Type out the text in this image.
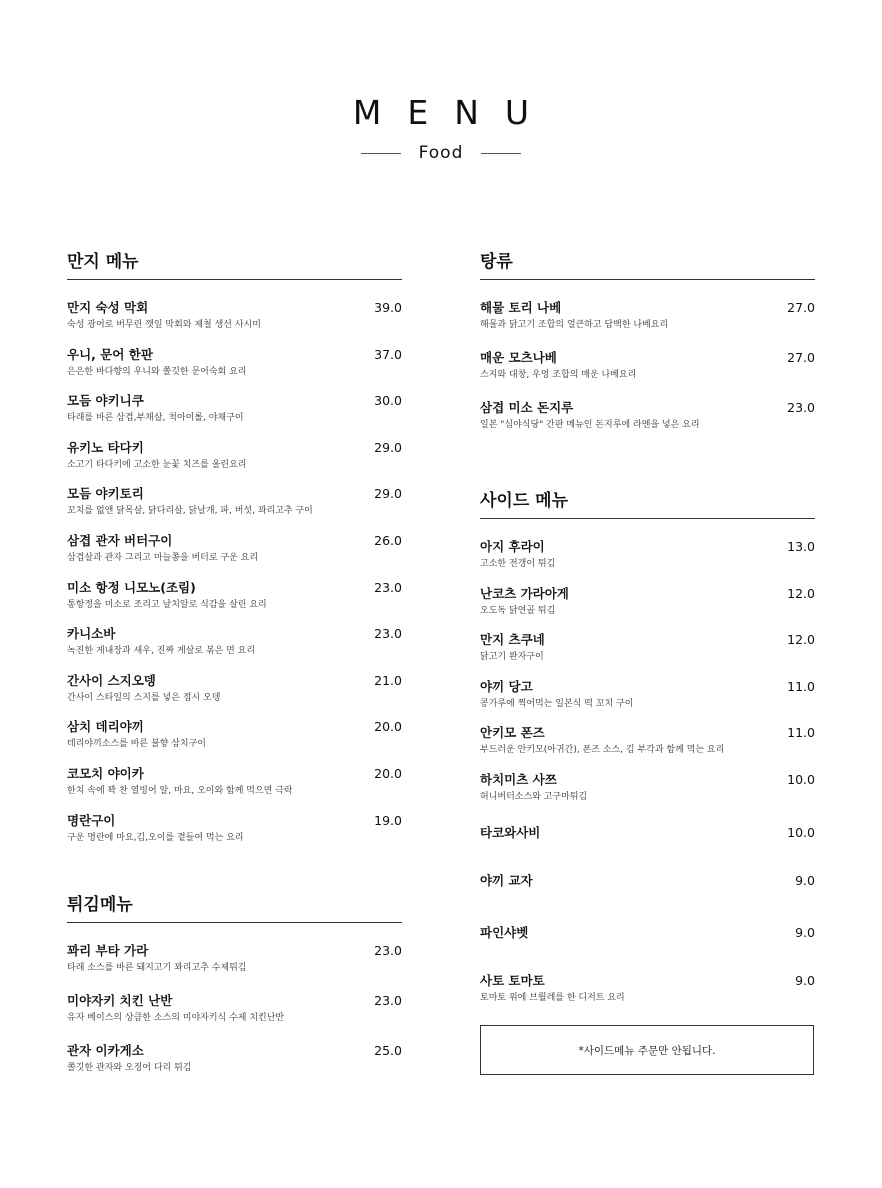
MENU
Food
만지 메뉴
만지 숙성 막회
숙성 광어로 버무린 깻잎 막회와 제철 생선 사시미
39.0
우니, 문어 한판
은은한 바다향의 우니와 쫄깃한 문어숙회 요리
37.0
모듬 야키니쿠
타래를 바른 삼겹,부채살, 척아이롤, 야채구이
30.0
유키노 타다키
소고기 타다키에 고소한 눈꽃 치즈를 올린요리
29.0
모듬 야키토리
꼬치를 없앤 닭목살, 닭다리살, 닭날개, 파, 버섯, 꽈리고추 구이
29.0
삼겹 관자 버터구이
삼겹살과 관자 그리고 마늘쫑을 버터로 구운 요리
26.0
미소 항정 니모노(조림)
통항정을 미소로 조리고 날치알로 식감을 살린 요리
23.0
카니소바
녹진한 게내장과 새우, 진짜 게살로 볶은 면 요리
23.0
간사이 스지오뎅
간사이 스타일의 스지를 넣은 접시 오뎅
21.0
삼치 데리야끼
데리야끼소스를 바른 불향 삼치구이
20.0
코모치 야이카
한치 속에 꽉 찬 열빙어 알, 마요, 오이와 함께 먹으면 극락
20.0
명란구이
구운 명란에 마요,김,오이를 곁들여 먹는 요리
19.0
튀김메뉴
꽈리 부타 가라
타래 소스를 바른 돼지고기 꽈리고추 수제튀김
23.0
미야자키 치킨 난반
유자 베이스의 상큼한 소스의 미야자키식 수제 치킨난반
23.0
관자 이카게소
쫄깃한 관자와 오징어 다리 튀김
25.0
탕류
해물 토리 나베
해물과 닭고기 조합의 얼큰하고 담백한 나베요리
27.0
매운 모츠나베
스지와 대창, 우엉 조합의 매운 나베요리
27.0
삼겹 미소 돈지루
일본 "심야식당" 간판 메뉴인 돈지루에 라멘을 넣은 요리
23.0
사이드 메뉴
아지 후라이
고소한 전갱이 튀김
13.0
난코츠 가라아게
오도독 닭연골 튀김
12.0
만지 츠쿠네
닭고기 완자구이
12.0
야끼 당고
콩가루에 찍어먹는 일본식 떡 꼬치 구이
11.0
안키모 폰즈
부드러운 안키모(아귀간), 폰즈 소스, 김 부각과 함께 먹는 요리
11.0
하치미츠 사쯔
허니버터소스와 고구마튀김
10.0
타코와사비	10.0
야끼 교자	9.0
파인샤벳	9.0
사토 토마토
토마토 위에 브륄레를 한 디저트 요리
9.0
*사이드메뉴 주문만 안됩니다.
